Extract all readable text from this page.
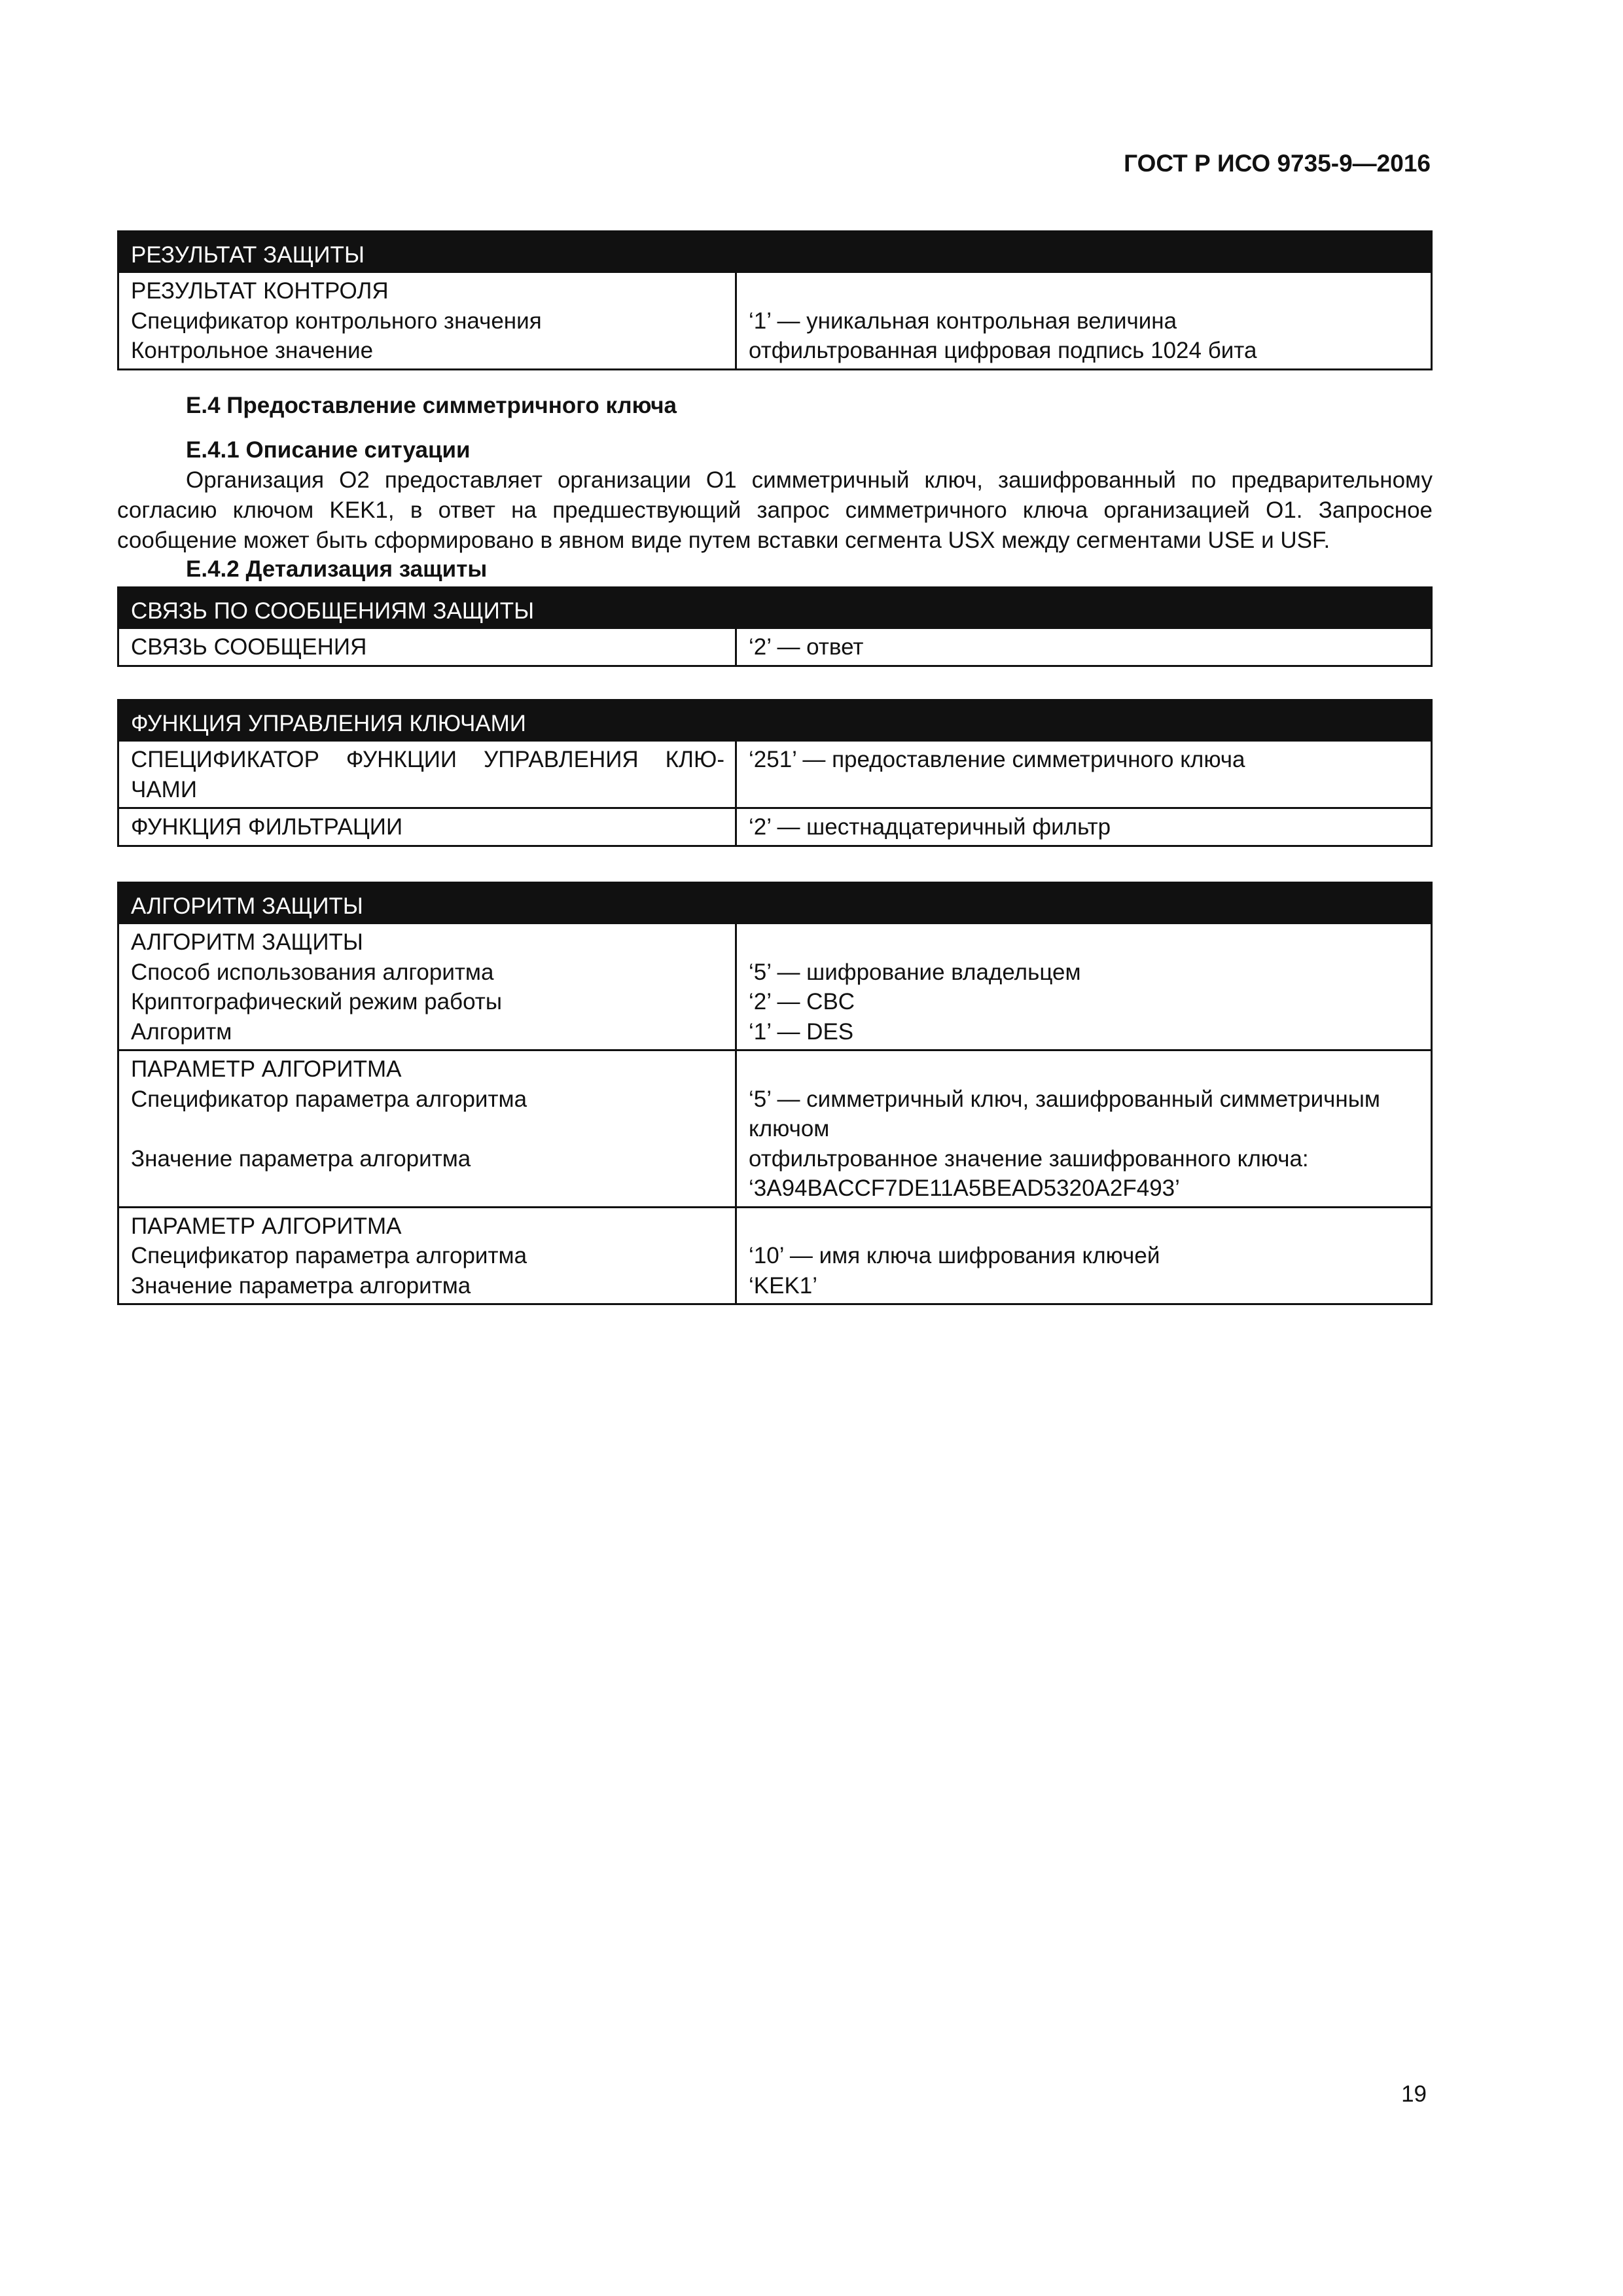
ГОСТ Р ИСО 9735-9—2016
РЕЗУЛЬТАТ ЗАЩИТЫ
РЕЗУЛЬТАТ КОНТРОЛЯ
Спецификатор контрольного значения
Контрольное значение
‘1’ — уникальная контрольная величина
отфильтрованная цифровая подпись 1024 бита
Е.4 Предоставление симметричного ключа
Е.4.1 Описание ситуации
Организация О2 предоставляет организации О1 симметричный ключ, зашифрованный по предварительному
согласию ключом KEK1, в ответ на предшествующий запрос симметричного ключа организацией О1. Запросное
сообщение может быть сформировано в явном виде путем вставки сегмента USX между сегментами USE и USF.
Е.4.2 Детализация защиты
СВЯЗЬ ПО СООБЩЕНИЯМ ЗАЩИТЫ
СВЯЗЬ СООБЩЕНИЯ	‘2’ — ответ
ФУНКЦИЯ УПРАВЛЕНИЯ КЛЮЧАМИ
СПЕЦИФИКАТОР ФУНКЦИИ УПРАВЛЕНИЯ КЛЮ-
ЧАМИ
‘251’ — предоставление симметричного ключа
ФУНКЦИЯ ФИЛЬТРАЦИИ	‘2’ — шестнадцатеричный фильтр
АЛГОРИТМ ЗАЩИТЫ
АЛГОРИТМ ЗАЩИТЫ
Способ использования алгоритма
Криптографический режим работы
Алгоритм
‘5’ — шифрование владельцем
‘2’ — CBC
‘1’ — DES
ПАРАМЕТР АЛГОРИТМА
Спецификатор параметра алгоритма
Значение параметра алгоритма
‘5’ — симметричный ключ, зашифрованный симметричным
ключом
отфильтрованное значение зашифрованного ключа:
‘3A94BACCF7DE11A5BEAD5320A2F493’
ПАРАМЕТР АЛГОРИТМА
Спецификатор параметра алгоритма
Значение параметра алгоритма
‘10’ — имя ключа шифрования ключей
‘KEK1’
19
